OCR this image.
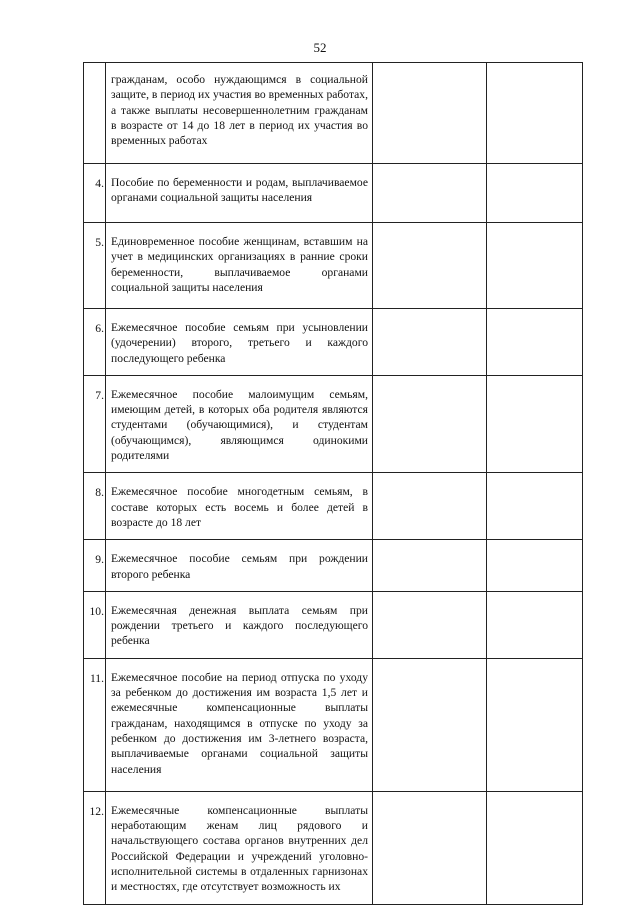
52
	гражданам, особо нуждающимся в социальной защите, в период их участия во временных работах, а также выплаты несовершеннолетним гражданам в возрасте от 14 до 18 лет в период их участия во временных работах		
4.	Пособие по беременности и родам, выплачиваемое органами социальной защиты населения		
5.	Единовременное пособие женщинам, вставшим на учет в медицинских организациях в ранние сроки беременности, выплачиваемое органами социальной защиты населения		
6.	Ежемесячное пособие семьям при усыновлении (удочерении) второго, третьего и каждого последующего ребенка		
7.	Ежемесячное пособие малоимущим семьям, имеющим детей, в которых оба родителя являются студентами (обучающимися), и студентам (обучающимся), являющимся одинокими родителями		
8.	Ежемесячное пособие многодетным семьям, в составе которых есть восемь и более детей в возрасте до 18 лет		
9.	Ежемесячное пособие семьям при рождении второго ребенка		
10.	Ежемесячная денежная выплата семьям при рождении третьего и каждого последующего ребенка		
11.	Ежемесячное пособие на период отпуска по уходу за ребенком до достижения им возраста 1,5 лет и ежемесячные компенсационные выплаты гражданам, находящимся в отпуске по уходу за ребенком до достижения им 3-летнего возраста, выплачиваемые органами социальной защиты населения		
12.	Ежемесячные компенсационные выплаты неработающим женам лиц рядового и начальствующего состава органов внутренних дел Российской Федерации и учреждений уголовно-исполнительной системы в отдаленных гарнизонах и местностях, где отсутствует возможность их		
